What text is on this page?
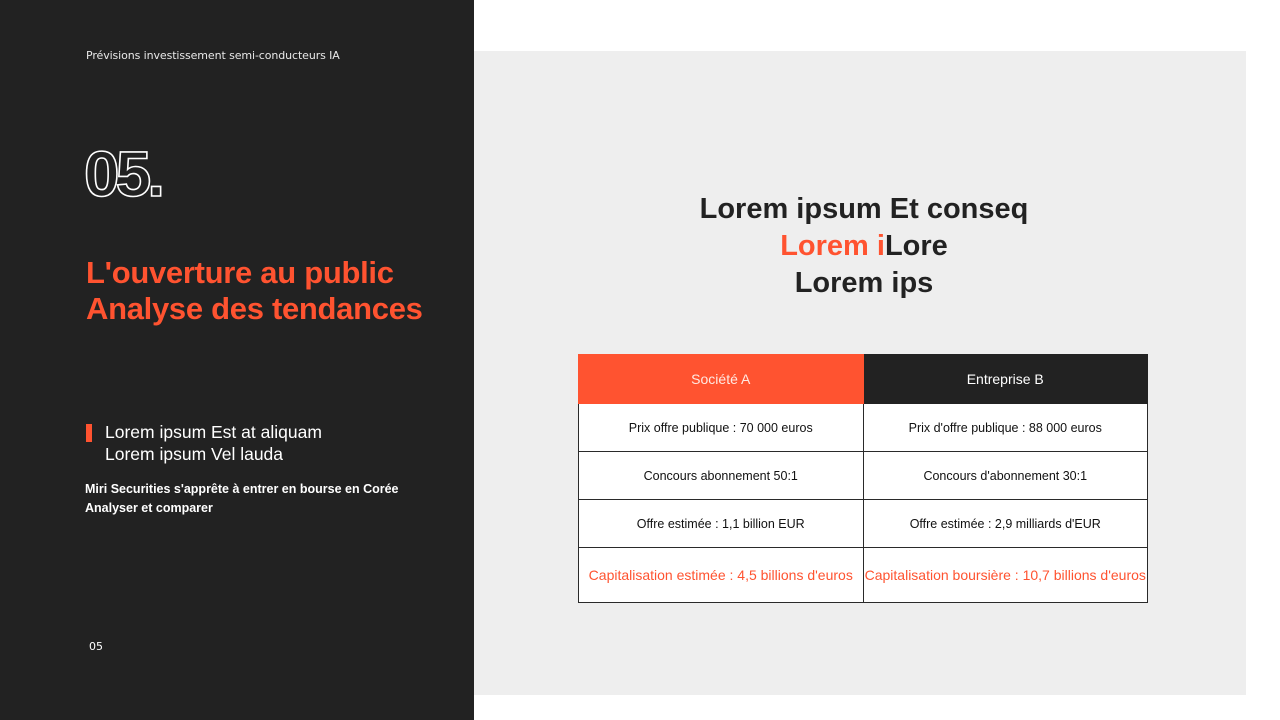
Prévisions investissement semi-conducteurs IA
05.
L'ouverture au public
Analyse des tendances
Lorem ipsum Est at aliquam
Lorem ipsum Vel lauda
Miri Securities s'apprête à entrer en bourse en Corée
Analyser et comparer
05
Lorem ipsum Et conseq
Lorem iLore
Lorem ips
Société A	Entreprise B
Prix offre publique : 70 000 euros	Prix d'offre publique : 88 000 euros
Concours abonnement 50:1	Concours d'abonnement 30:1
Offre estimée : 1,1 billion EUR	Offre estimée : 2,9 milliards d'EUR
Capitalisation estimée : 4,5 billions d'euros	Capitalisation boursière : 10,7 billions d'euros
